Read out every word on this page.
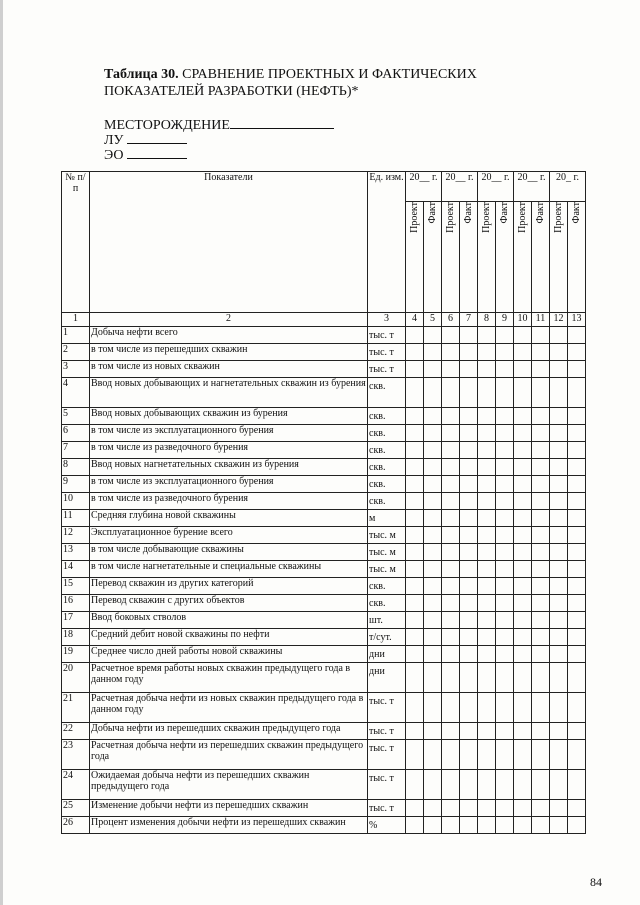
Таблица 30. СРАВНЕНИЕ ПРОЕКТНЫХ И ФАКТИЧЕСКИХ ПОКАЗАТЕЛЕЙ РАЗРАБОТКИ (НЕФТЬ)*
МЕСТОРОЖДЕНИЕ
ЛУ
ЭО
№ п/п	Показатели	Ед. изм.	20__ г.		20__ г.		20__ г.		20__ г.		20_ г.	

			Проект	Факт	Проект	Факт	Проект	Факт	Проект	Факт	Проект	Факт

1	2	3	4	5	6	7	8	9	10	11	12	13
1	Добыча нефти всего	тыс. т										
2	в том числе из перешедших скважин	тыс. т										
3	в том числе из новых скважин	тыс. т										
4	Ввод новых добывающих и нагнетательных скважин из бурения	скв.										
5	Ввод новых добывающих скважин из бурения	скв.										
6	в том числе из эксплуатационного бурения	скв.										
7	в том числе из разведочного бурения	скв.										
8	Ввод новых нагнетательных скважин из бурения	скв.										
9	в том числе из эксплуатационного бурения	скв.										
10	в том числе из разведочного бурения	скв.										
11	Средняя глубина новой скважины	м										
12	Эксплуатационное бурение всего	тыс. м										
13	в том числе добывающие скважины	тыс. м										
14	в том числе нагнетательные и специальные скважины	тыс. м										
15	Перевод скважин из других категорий	скв.										
16	Перевод скважин с других объектов	скв.										
17	Ввод боковых стволов	шт.										
18	Средний дебит новой скважины по нефти	т/сут.										
19	Среднее число дней работы новой скважины	дни										
20	Расчетное время работы новых скважин предыдущего года в данном году	дни										
21	Расчетная добыча нефти из новых скважин предыдущего года в данном году	тыс. т										
22	Добыча нефти из перешедших скважин предыдущего года	тыс. т										
23	Расчетная добыча нефти из перешедших скважин предыдущего года	тыс. т										
24	Ожидаемая добыча нефти из перешедших скважин предыдущего года	тыс. т										
25	Изменение добычи нефти из перешедших скважин	тыс. т										
26	Процент изменения добычи нефти из перешедших скважин	%										
84
